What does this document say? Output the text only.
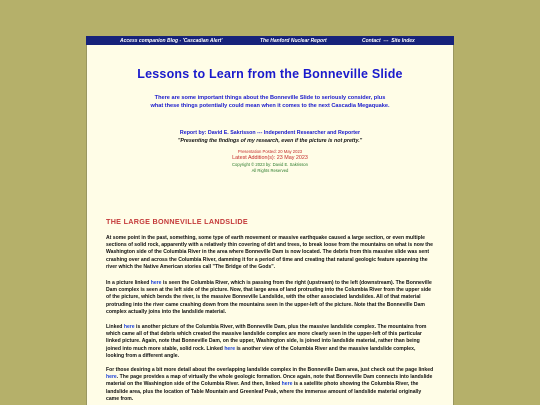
Access companion Blog - 'Cascadian Alert'	The Hanford Nuclear Report	Contact --- Site Index
Lessons to Learn from the Bonneville Slide
There are some important things about the Bonneville Slide to seriously consider, plus
what these things potentially could mean when it comes to the next Cascadia Megaquake.
Report by: David E. Sakrisson --- Independent Researcher and Reporter
"Presenting the findings of my research, even if the picture is not pretty."
Presentation Posted: 20 May 2023
Latest Addition(s): 23 May 2023
Copyright © 2023 by: David E. Sakrisson
All Rights Reserved
THE LARGE BONNEVILLE LANDSLIDE
At some point in the past, something, some type of earth movement or massive earthquake caused a large section, or even multiple sections of solid rock, apparently with a relatively thin covering of dirt and trees, to break loose from the mountains on what is now the Washington side of the Columbia River in the area where Bonneville Dam is now located. The debris from this massive slide was sent crashing over and across the Columbia River, damming it for a period of time and creating that natural geologic feature spanning the river which the Native American stories call "The Bridge of the Gods".
In a picture linked here is seen the Columbia River, which is passing from the right (upstream) to the left (downstream). The Bonneville Dam complex is seen at the left side of the picture. Now, that large area of land protruding into the Columbia River from the upper side of the picture, which bends the river, is the massive Bonneville Landslide, with the other associated landslides. All of that material protruding into the river came crashing down from the mountains seen in the upper-left of the picture. Note that the Bonneville Dam complex actually joins into the landslide material.
Linked here is another picture of the Columbia River, with Bonneville Dam, plus the massive landslide complex. The mountains from which came all of that debris which created the massive landslide complex are more clearly seen in the upper-left of this particular linked picture. Again, note that Bonneville Dam, on the upper, Washington side, is joined into landslide material, rather than being joined into much more stable, solid rock. Linked here is another view of the Columbia River and the massive landslide complex, looking from a different angle.
For those desiring a bit more detail about the overlapping landslide complex in the Bonneville Dam area, just check out the page linked here. The page provides a map of virtually the whole geologic formation. Once again, note that Bonneville Dam connects into landslide material on the Washington side of the Columbia River. And then, linked here is a satellite photo showing the Columbia River, the landslide area, plus the location of Table Mountain and Greenleaf Peak, where the immense amount of landslide material originally came from.
